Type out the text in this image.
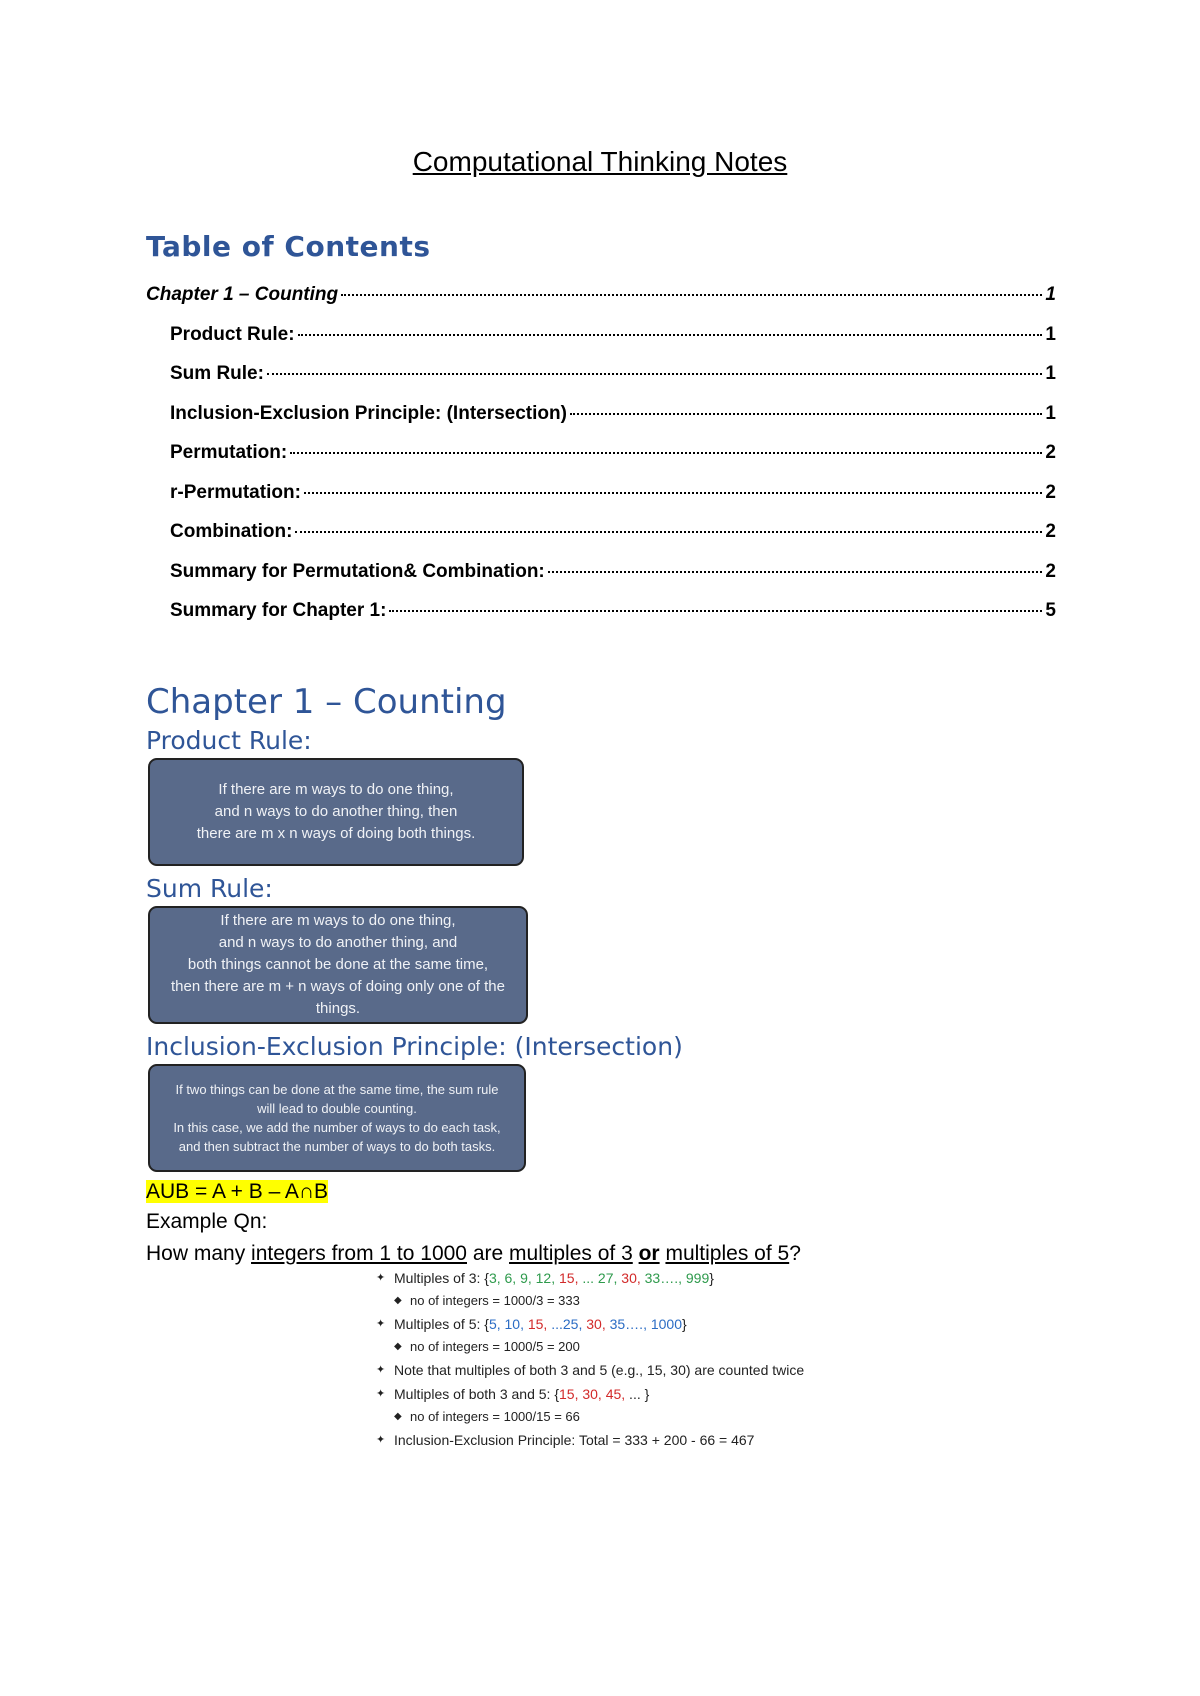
Computational Thinking Notes
Table of Contents
Chapter 1 – Counting	1
Product Rule:	1
Sum Rule:	1
Inclusion-Exclusion Principle: (Intersection)	1
Permutation:	2
r-Permutation:	2
Combination:	2
Summary for Permutation& Combination:	2
Summary for Chapter 1:	5
Chapter 1 – Counting
Product Rule:
If there are m ways to do one thing,
and n ways to do another thing, then
there are m x n ways of doing both things.
Sum Rule:
If there are m ways to do one thing,
and n ways to do another thing, and
both things cannot be done at the same time,
then there are m + n ways of doing only one of the
things.
Inclusion-Exclusion Principle: (Intersection)
If two things can be done at the same time, the sum rule
will lead to double counting.
In this case, we add the number of ways to do each task,
and then subtract the number of ways to do both tasks.
AUB = A + B – A∩B
Example Qn:
How many integers from 1 to 1000 are multiples of 3 or multiples of 5?
✦ Multiples of 3: {3, 6, 9, 12, 15, ... 27, 30, 33…., 999}
◆ no of integers = 1000/3 = 333
✦ Multiples of 5: {5, 10, 15, ...25, 30, 35…., 1000}
◆ no of integers = 1000/5 = 200
✦ Note that multiples of both 3 and 5 (e.g., 15, 30) are counted twice
✦ Multiples of both 3 and 5: {15, 30, 45, ... }
◆ no of integers = 1000/15 = 66
✦ Inclusion-Exclusion Principle: Total = 333 + 200 - 66 = 467
